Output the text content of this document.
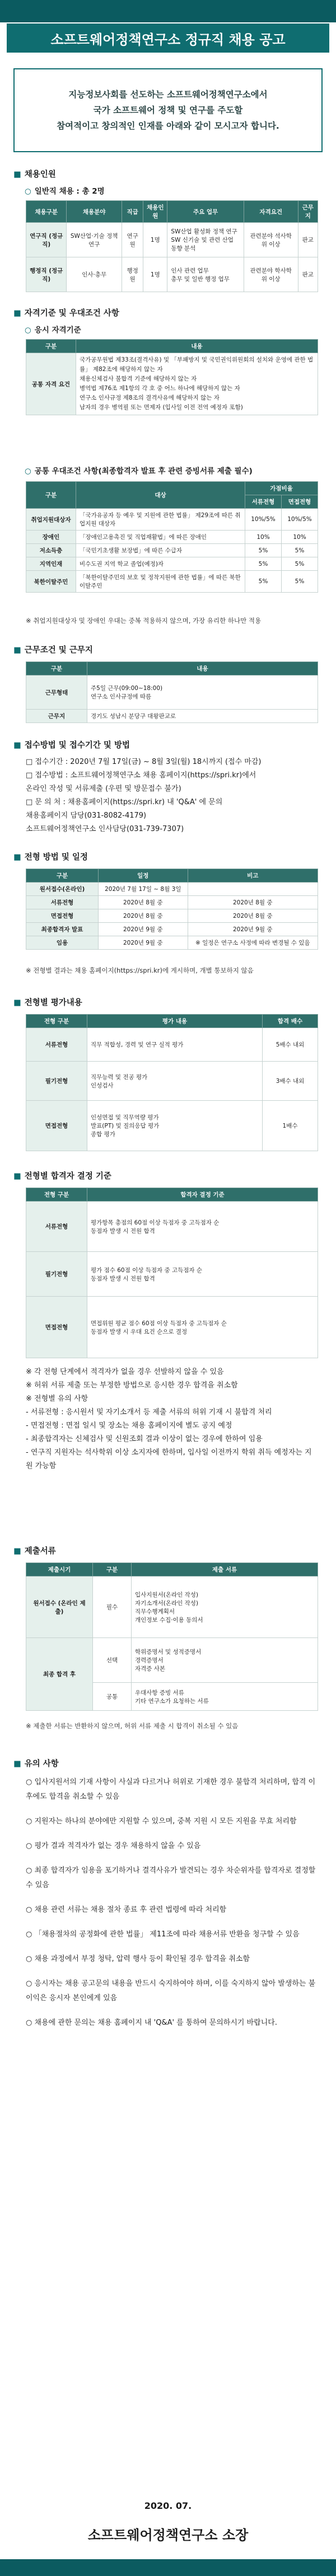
소프트웨어정책연구소 정규직 채용 공고
지능정보사회를 선도하는 소프트웨어정책연구소에서
국가 소프트웨어 정책 및 연구를 주도할
참여적이고 창의적인 인재를 아래와 같이 모시고자 합니다.
■ 채용인원
○ 일반직 채용 : 총 2명
채용구분	채용분야	직급	채용인원	주요 업무	자격요건	근무지
연구직 (정규직)	SW산업·기술 정책 연구	연구원	1명	SW산업 활성화 정책 연구
SW 신기술 및 관련 산업 동향 분석	관련분야 석사학위 이상	판교
행정직 (정규직)	인사·총무	행정원	1명	인사 관련 업무
총무 및 일반 행정 업무	관련분야 학사학위 이상	판교
■ 자격기준 및 우대조건 사항
○ 응시 자격기준
구분	내용
공통 자격 요건	국가공무원법 제33조(결격사유) 및 「부패방지 및 국민권익위원회의 설치와 운영에 관한 법률」 제82조에 해당하지 않는 자
채용신체검사 불합격 기준에 해당하지 않는 자
병역법 제76조 제1항의 각 호 중 어느 하나에 해당하지 않는 자
연구소 인사규정 제8조의 결격사유에 해당하지 않는 자
남자의 경우 병역필 또는 면제자 (입사일 이전 전역 예정자 포함)
○ 공통 우대조건 사항(최종합격자 발표 후 관련 증빙서류 제출 필수)
구분	대상	가점비율	
		서류전형	면접전형
취업지원대상자	「국가유공자 등 예우 및 지원에 관한 법률」 제29조에 따른 취업지원 대상자	10%/5%	10%/5%
장애인	「장애인고용촉진 및 직업재활법」에 따른 장애인	10%	10%
저소득층	「국민기초생활 보장법」에 따른 수급자	5%	5%
지역인재	비수도권 지역 학교 졸업(예정)자	5%	5%
북한이탈주민	「북한이탈주민의 보호 및 정착지원에 관한 법률」에 따른 북한이탈주민	5%	5%
※ 취업지원대상자 및 장애인 우대는 중복 적용하지 않으며, 가장 유리한 하나만 적용
■ 근무조건 및 근무지
구분	내용
근무형태	주5일 근무(09:00~18:00)
연구소 인사규정에 따름

근무지	경기도 성남시 분당구 대왕판교로
■ 접수방법 및 접수기간 및 방법
□ 접수기간 : 2020년 7월 17일(금) ~ 8월 3일(월) 18시까지 (접수 마감)
□ 접수방법 : 소프트웨어정책연구소 채용 홈페이지(https://spri.kr)에서
온라인 작성 및 서류제출 (우편 및 방문접수 불가)
□ 문 의 처 : 채용홈페이지(https://spri.kr) 내 'Q&A' 에 문의
채용홈페이지 담당(031-8082-4179)
소프트웨어정책연구소 인사담당(031-739-7307)
■ 전형 방법 및 일정
구분	일정	비고
원서접수(온라인)	2020년 7월 17일 ~ 8월 3일	
서류전형	2020년 8월 중	2020년 8월 중
면접전형	2020년 8월 중	2020년 8월 중
최종합격자 발표	2020년 9월 중	2020년 9월 중
임용	2020년 9월 중	※ 일정은 연구소 사정에 따라 변경될 수 있음
※ 전형별 결과는 채용 홈페이지(https://spri.kr)에 게시하며, 개별 통보하지 않음
■ 전형별 평가내용
전형 구분	평가 내용	합격 배수
서류전형	직무 적합성, 경력 및 연구 실적 평가	5배수 내외
필기전형	직무능력 및 전공 평가
인성검사	3배수 내외
면접전형	인성면접 및 직무역량 평가
발표(PT) 및 질의응답 평가
종합 평가	1배수
■ 전형별 합격자 결정 기준
전형 구분	합격자 결정 기준
서류전형	평가항목 총점의 60점 이상 득점자 중 고득점자 순
동점자 발생 시 전원 합격

필기전형	평가 점수 60점 이상 득점자 중 고득점자 순
동점자 발생 시 전원 합격

면접전형	면접위원 평균 점수 60점 이상 득점자 중 고득점자 순
동점자 발생 시 우대 요건 순으로 결정
※ 각 전형 단계에서 적격자가 없을 경우 선발하지 않을 수 있음
※ 허위 서류 제출 또는 부정한 방법으로 응시한 경우 합격을 취소함
※ 전형별 유의 사항
- 서류전형 : 응시원서 및 자기소개서 등 제출 서류의 허위 기재 시 불합격 처리
- 면접전형 : 면접 일시 및 장소는 채용 홈페이지에 별도 공지 예정
- 최종합격자는 신체검사 및 신원조회 결과 이상이 없는 경우에 한하여 임용
- 연구직 지원자는 석사학위 이상 소지자에 한하며, 입사일 이전까지 학위 취득 예정자는 지원 가능함
■ 제출서류
제출시기	구분	제출 서류
원서접수 (온라인 제출)	필수	입사지원서(온라인 작성)
자기소개서(온라인 작성)
직무수행계획서
개인정보 수집·이용 동의서

최종 합격 후	선택	학위증명서 및 성적증명서
경력증명서
자격증 사본

	공통	우대사항 증빙 서류
기타 연구소가 요청하는 서류
※ 제출한 서류는 반환하지 않으며, 허위 서류 제출 시 합격이 취소될 수 있음
■ 유의 사항
○ 입사지원서의 기재 사항이 사실과 다르거나 허위로 기재한 경우 불합격 처리하며, 합격 이후에도 합격을 취소할 수 있음
○ 지원자는 하나의 분야에만 지원할 수 있으며, 중복 지원 시 모든 지원을 무효 처리함
○ 평가 결과 적격자가 없는 경우 채용하지 않을 수 있음
○ 최종 합격자가 임용을 포기하거나 결격사유가 발견되는 경우 차순위자를 합격자로 결정할 수 있음
○ 채용 관련 서류는 채용 절차 종료 후 관련 법령에 따라 처리함
○ 「채용절차의 공정화에 관한 법률」 제11조에 따라 채용서류 반환을 청구할 수 있음
○ 채용 과정에서 부정 청탁, 압력 행사 등이 확인될 경우 합격을 취소함
○ 응시자는 채용 공고문의 내용을 반드시 숙지하여야 하며, 이를 숙지하지 않아 발생하는 불이익은 응시자 본인에게 있음
○ 채용에 관한 문의는 채용 홈페이지 내 'Q&A' 를 통하여 문의하시기 바랍니다.
2020. 07.
소프트웨어정책연구소 소장
